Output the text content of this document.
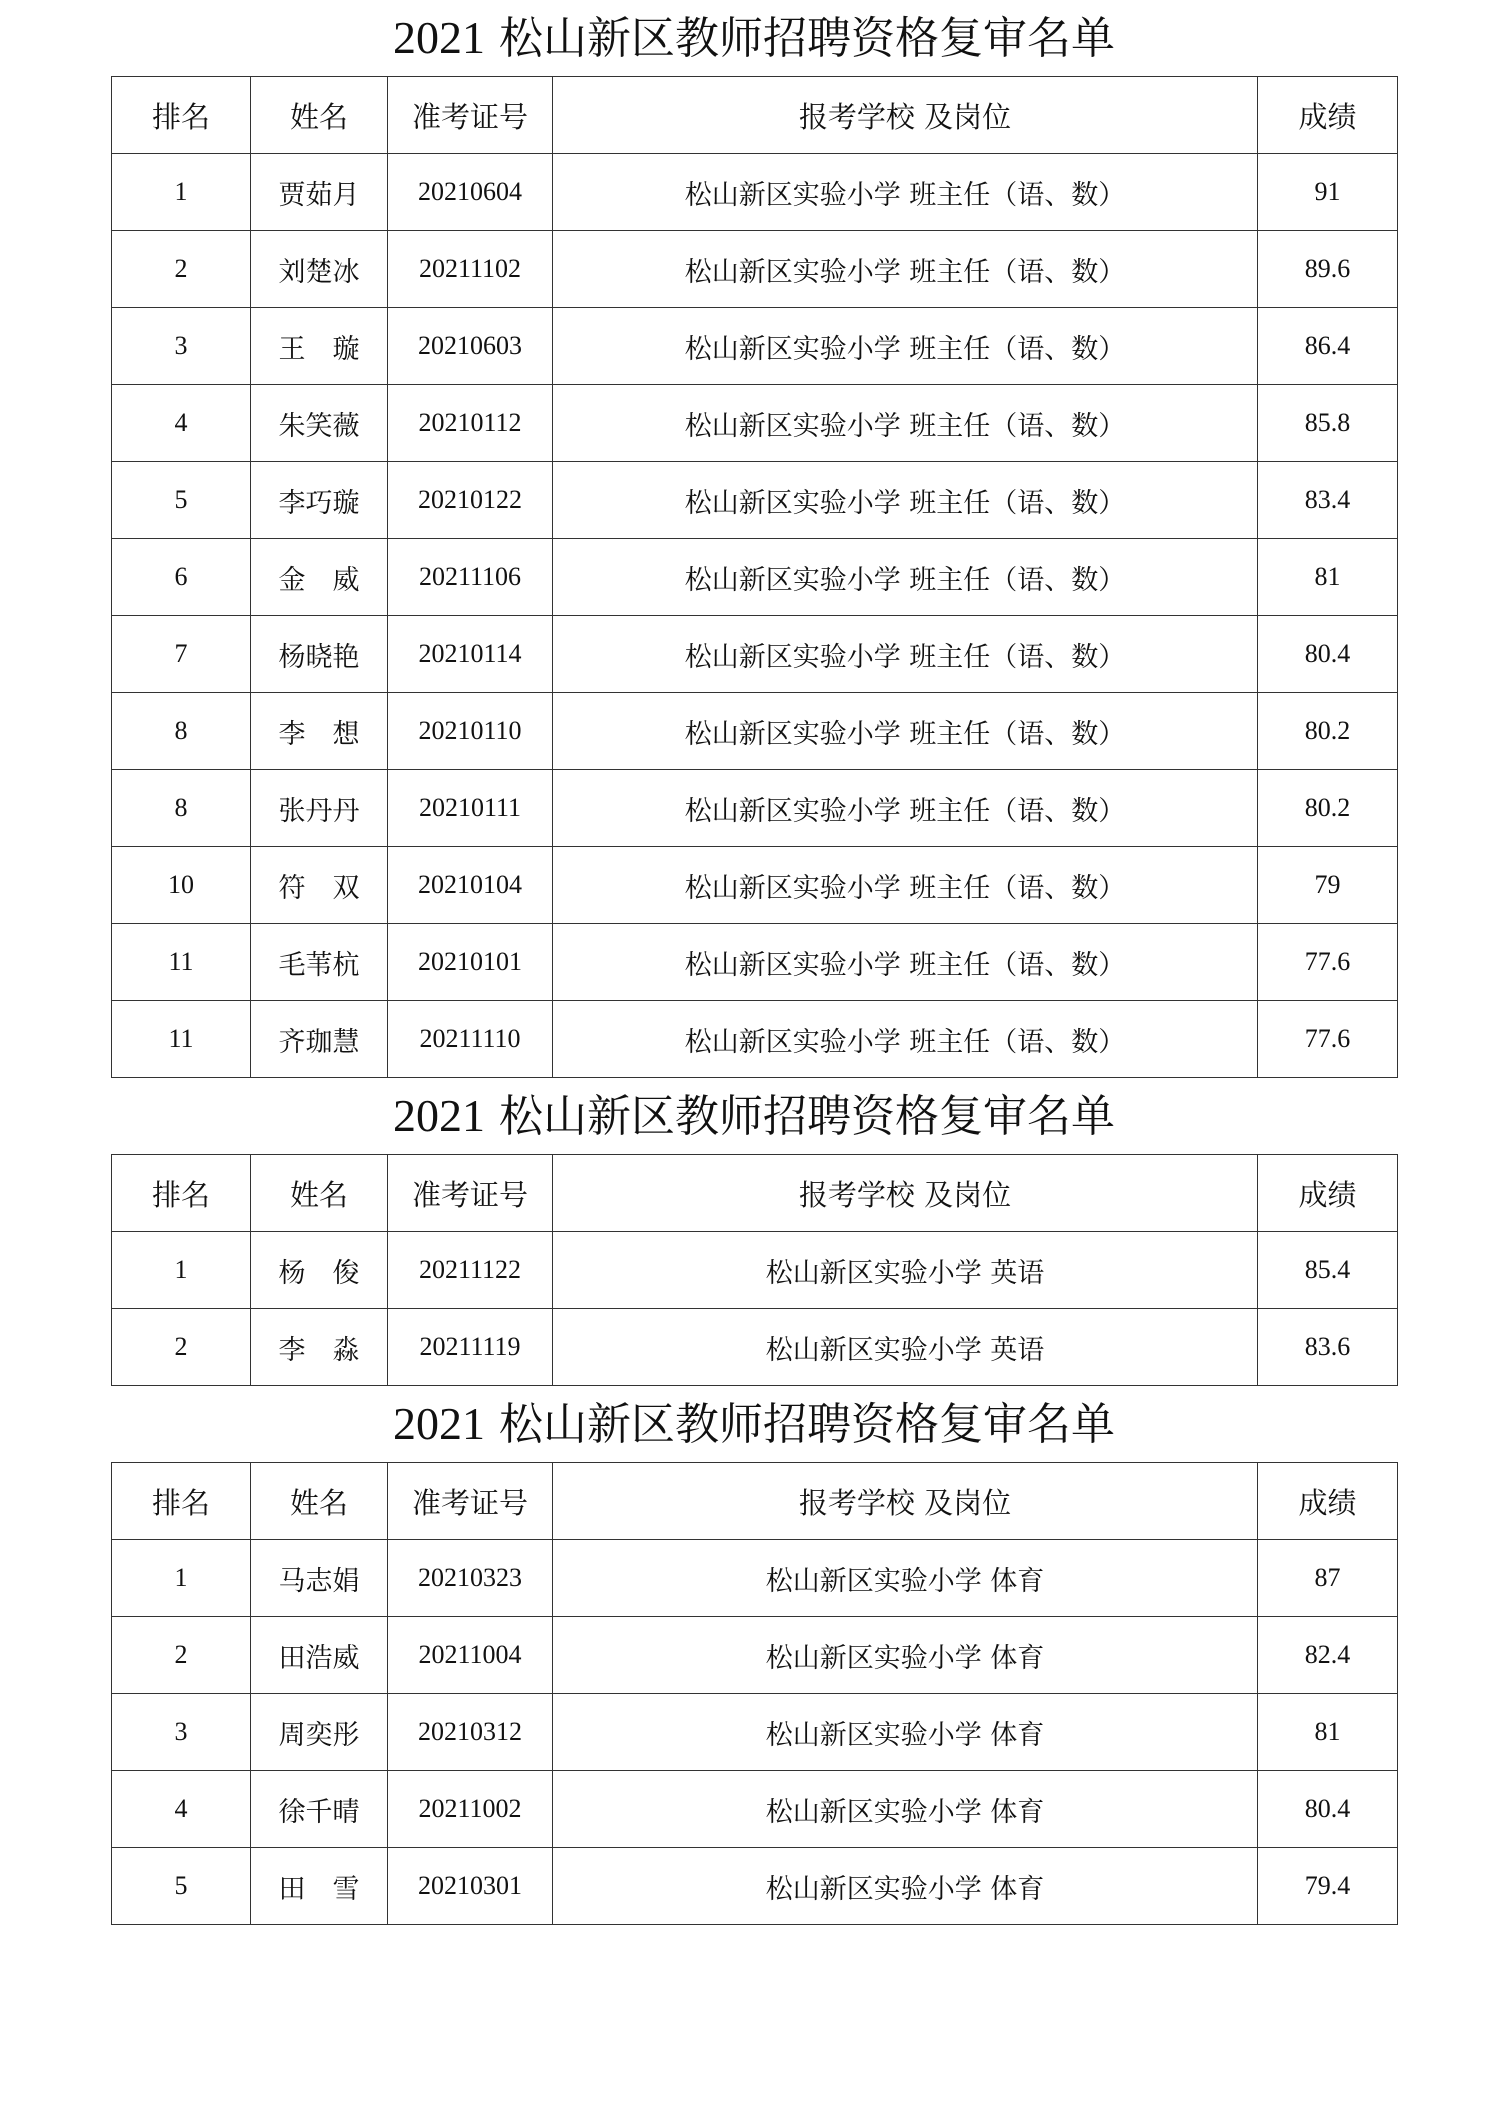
2021 松山新区教师招聘资格复审名单
排名	姓名	准考证号	报考学校 及岗位	成绩
1	贾茹月	20210604	松山新区实验小学 班主任（语、数）	91
2	刘楚冰	20211102	松山新区实验小学 班主任（语、数）	89.6
3	王　璇	20210603	松山新区实验小学 班主任（语、数）	86.4
4	朱笑薇	20210112	松山新区实验小学 班主任（语、数）	85.8
5	李巧璇	20210122	松山新区实验小学 班主任（语、数）	83.4
6	金　威	20211106	松山新区实验小学 班主任（语、数）	81
7	杨晓艳	20210114	松山新区实验小学 班主任（语、数）	80.4
8	李　想	20210110	松山新区实验小学 班主任（语、数）	80.2
8	张丹丹	20210111	松山新区实验小学 班主任（语、数）	80.2
10	符　双	20210104	松山新区实验小学 班主任（语、数）	79
11	毛苇杭	20210101	松山新区实验小学 班主任（语、数）	77.6
11	齐珈慧	20211110	松山新区实验小学 班主任（语、数）	77.6
2021 松山新区教师招聘资格复审名单
排名	姓名	准考证号	报考学校 及岗位	成绩
1	杨　俊	20211122	松山新区实验小学 英语	85.4
2	李　淼	20211119	松山新区实验小学 英语	83.6
2021 松山新区教师招聘资格复审名单
排名	姓名	准考证号	报考学校 及岗位	成绩
1	马志娟	20210323	松山新区实验小学 体育	87
2	田浩威	20211004	松山新区实验小学 体育	82.4
3	周奕彤	20210312	松山新区实验小学 体育	81
4	徐千晴	20211002	松山新区实验小学 体育	80.4
5	田　雪	20210301	松山新区实验小学 体育	79.4
